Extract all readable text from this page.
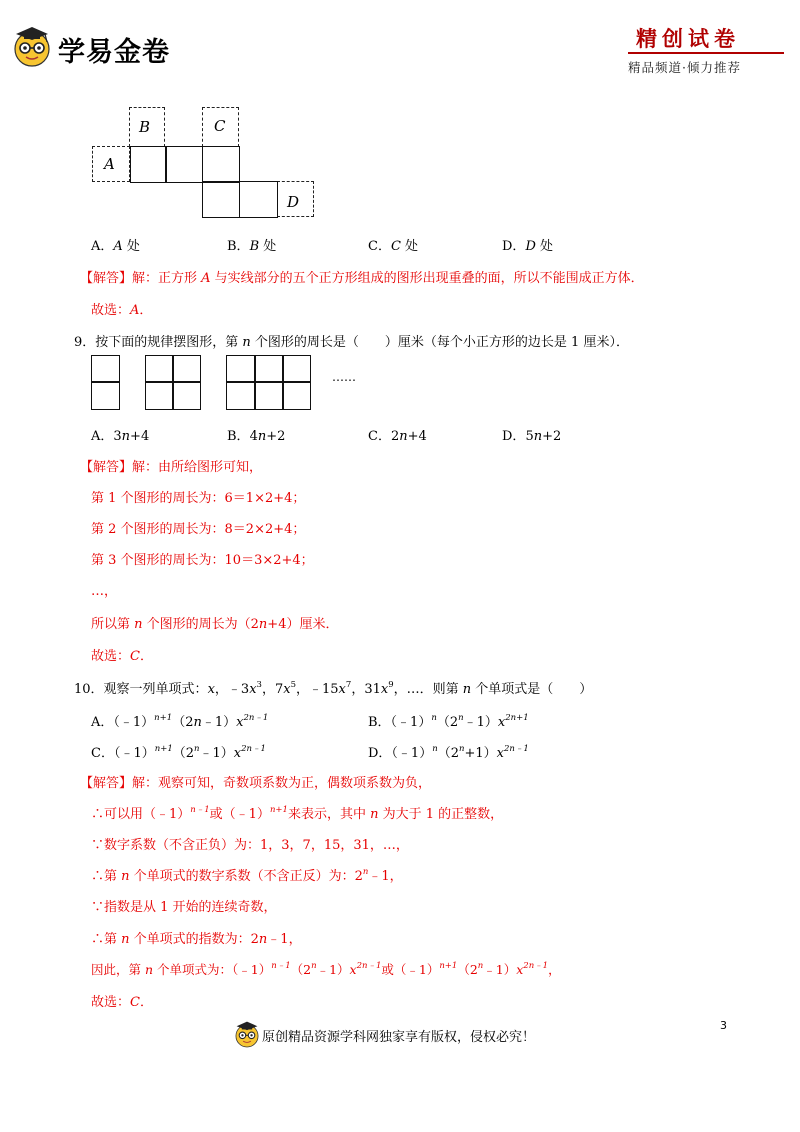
学易金卷	精创试卷
精品频道·倾力推荐
A
B	C
D
A．A 处	B．B 处	C．C 处	D．D 处
【解答】解：正方形 A 与实线部分的五个正方形组成的图形出现重叠的面，所以不能围成正方体．
故选：A．
9．按下面的规律摆图形，第 n 个图形的周长是（　　）厘米（每个小正方形的边长是 1 厘米）．
……
A．3n+4	B．4n+2	C．2n+4	D．5n+2
【解答】解：由所给图形可知，
第 1 个图形的周长为：6＝1×2+4；
第 2 个图形的周长为：8＝2×2+4；
第 3 个图形的周长为：10＝3×2+4；
…，
所以第 n 个图形的周长为（2n+4）厘米．
故选：C．
10．观察一列单项式：x，$﹣3x^3$，$7x^5$，$﹣15x^7$，$31x^9$，…．则第 n 个单项式是（　　）
A．$(﹣1)^{n+1}(2n﹣1)x^{2n﹣1}$	B．$(﹣1)^n(2^n﹣1)x^{2n+1}$
C．$(﹣1)^{n+1}(2^n﹣1)x^{2n﹣1}$	D．$(﹣1)^n(2^n+1)x^{2n﹣1}$
【解答】解：观察可知，奇数项系数为正，偶数项系数为负，
∴可以用（﹣1）$^{n﹣1}$或（﹣1）$^{n+1}$来表示，其中 n 为大于 1 的正整数，
∵数字系数（不含正负）为：1，3，7，15，31，…，
∴第 n 个单项式的数字系数（不含正反）为：2$^n$﹣1，
∵指数是从 1 开始的连续奇数，
∴第 n 个单项式的指数为：2n﹣1，
因此，第 n 个单项式为：$(﹣1)^{n﹣1}(2^n﹣1)x^{2n﹣1}$或$(﹣1)^{n+1}(2^n﹣1)x^{2n﹣1}$，
故选：C．
原创精品资源学科网独家享有版权，侵权必究！
3
